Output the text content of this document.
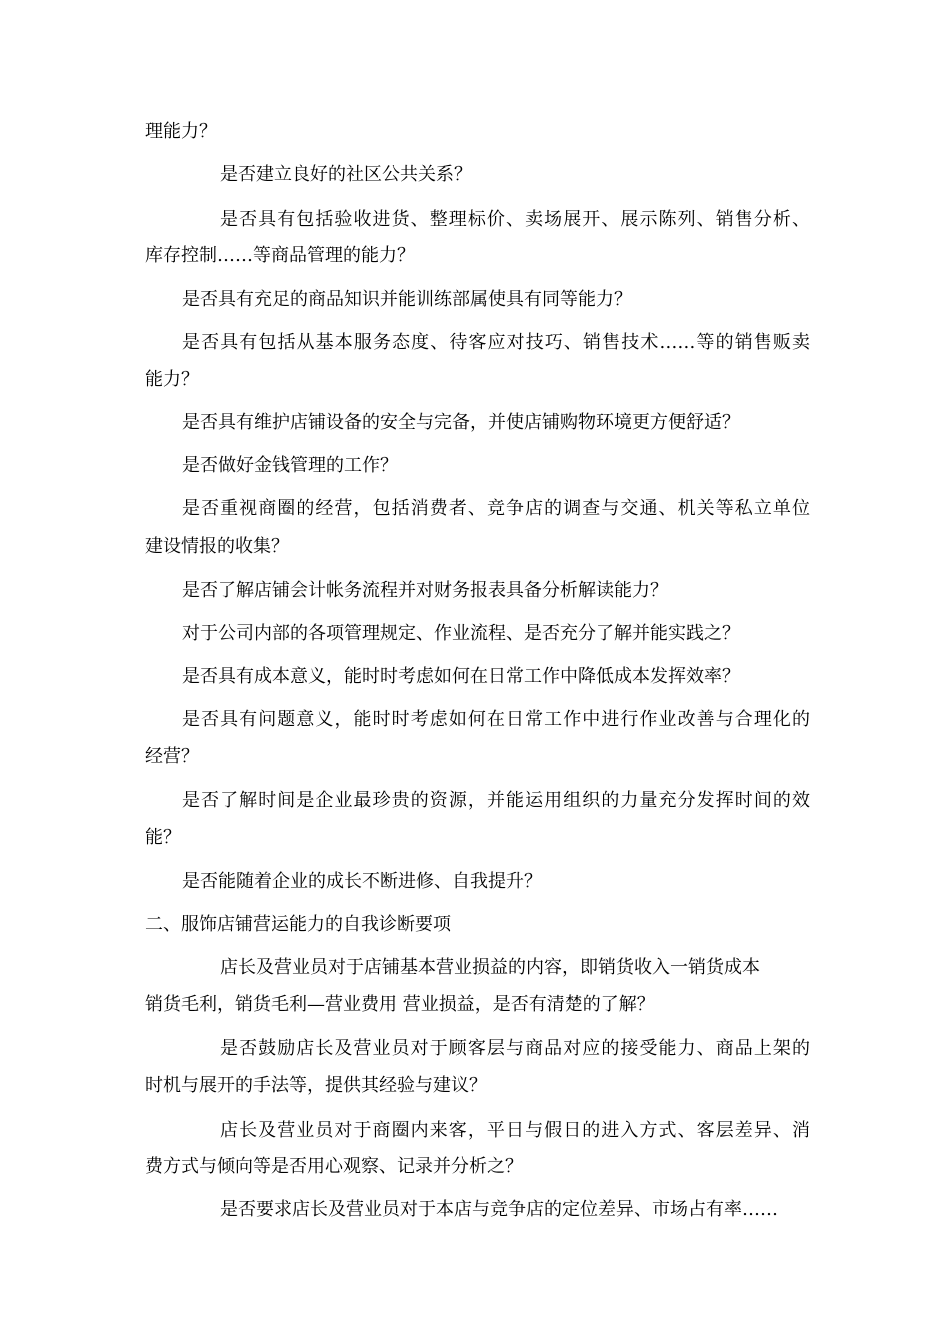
理能力？
是否建立良好的社区公共关系？
是否具有包括验收进货、整理标价、卖场展开、展示陈列、销售分析、
库存控制……等商品管理的能力？
是否具有充足的商品知识并能训练部属使具有同等能力？
是否具有包括从基本服务态度、待客应对技巧、销售技术……等的销售贩卖
能力？
是否具有维护店铺设备的安全与完备，并使店铺购物环境更方便舒适？
是否做好金钱管理的工作？
是否重视商圈的经营，包括消费者、竞争店的调查与交通、机关等私立单位
建设情报的收集？
是否了解店铺会计帐务流程并对财务报表具备分析解读能力？
对于公司内部的各项管理规定、作业流程、是否充分了解并能实践之？
是否具有成本意义，能时时考虑如何在日常工作中降低成本发挥效率？
是否具有问题意义，能时时考虑如何在日常工作中进行作业改善与合理化的
经营？
是否了解时间是企业最珍贵的资源，并能运用组织的力量充分发挥时间的效
能？
是否能随着企业的成长不断进修、自我提升？
二、服饰店铺营运能力的自我诊断要项
店长及营业员对于店铺基本营业损益的内容，即销货收入一销货成本
销货毛利，销货毛利—营业费用 营业损益，是否有清楚的了解？
是否鼓励店长及营业员对于顾客层与商品对应的接受能力、商品上架的
时机与展开的手法等，提供其经验与建议？
店长及营业员对于商圈内来客，平日与假日的进入方式、客层差异、消
费方式与倾向等是否用心观察、记录并分析之？
是否要求店长及营业员对于本店与竞争店的定位差异、市场占有率……
